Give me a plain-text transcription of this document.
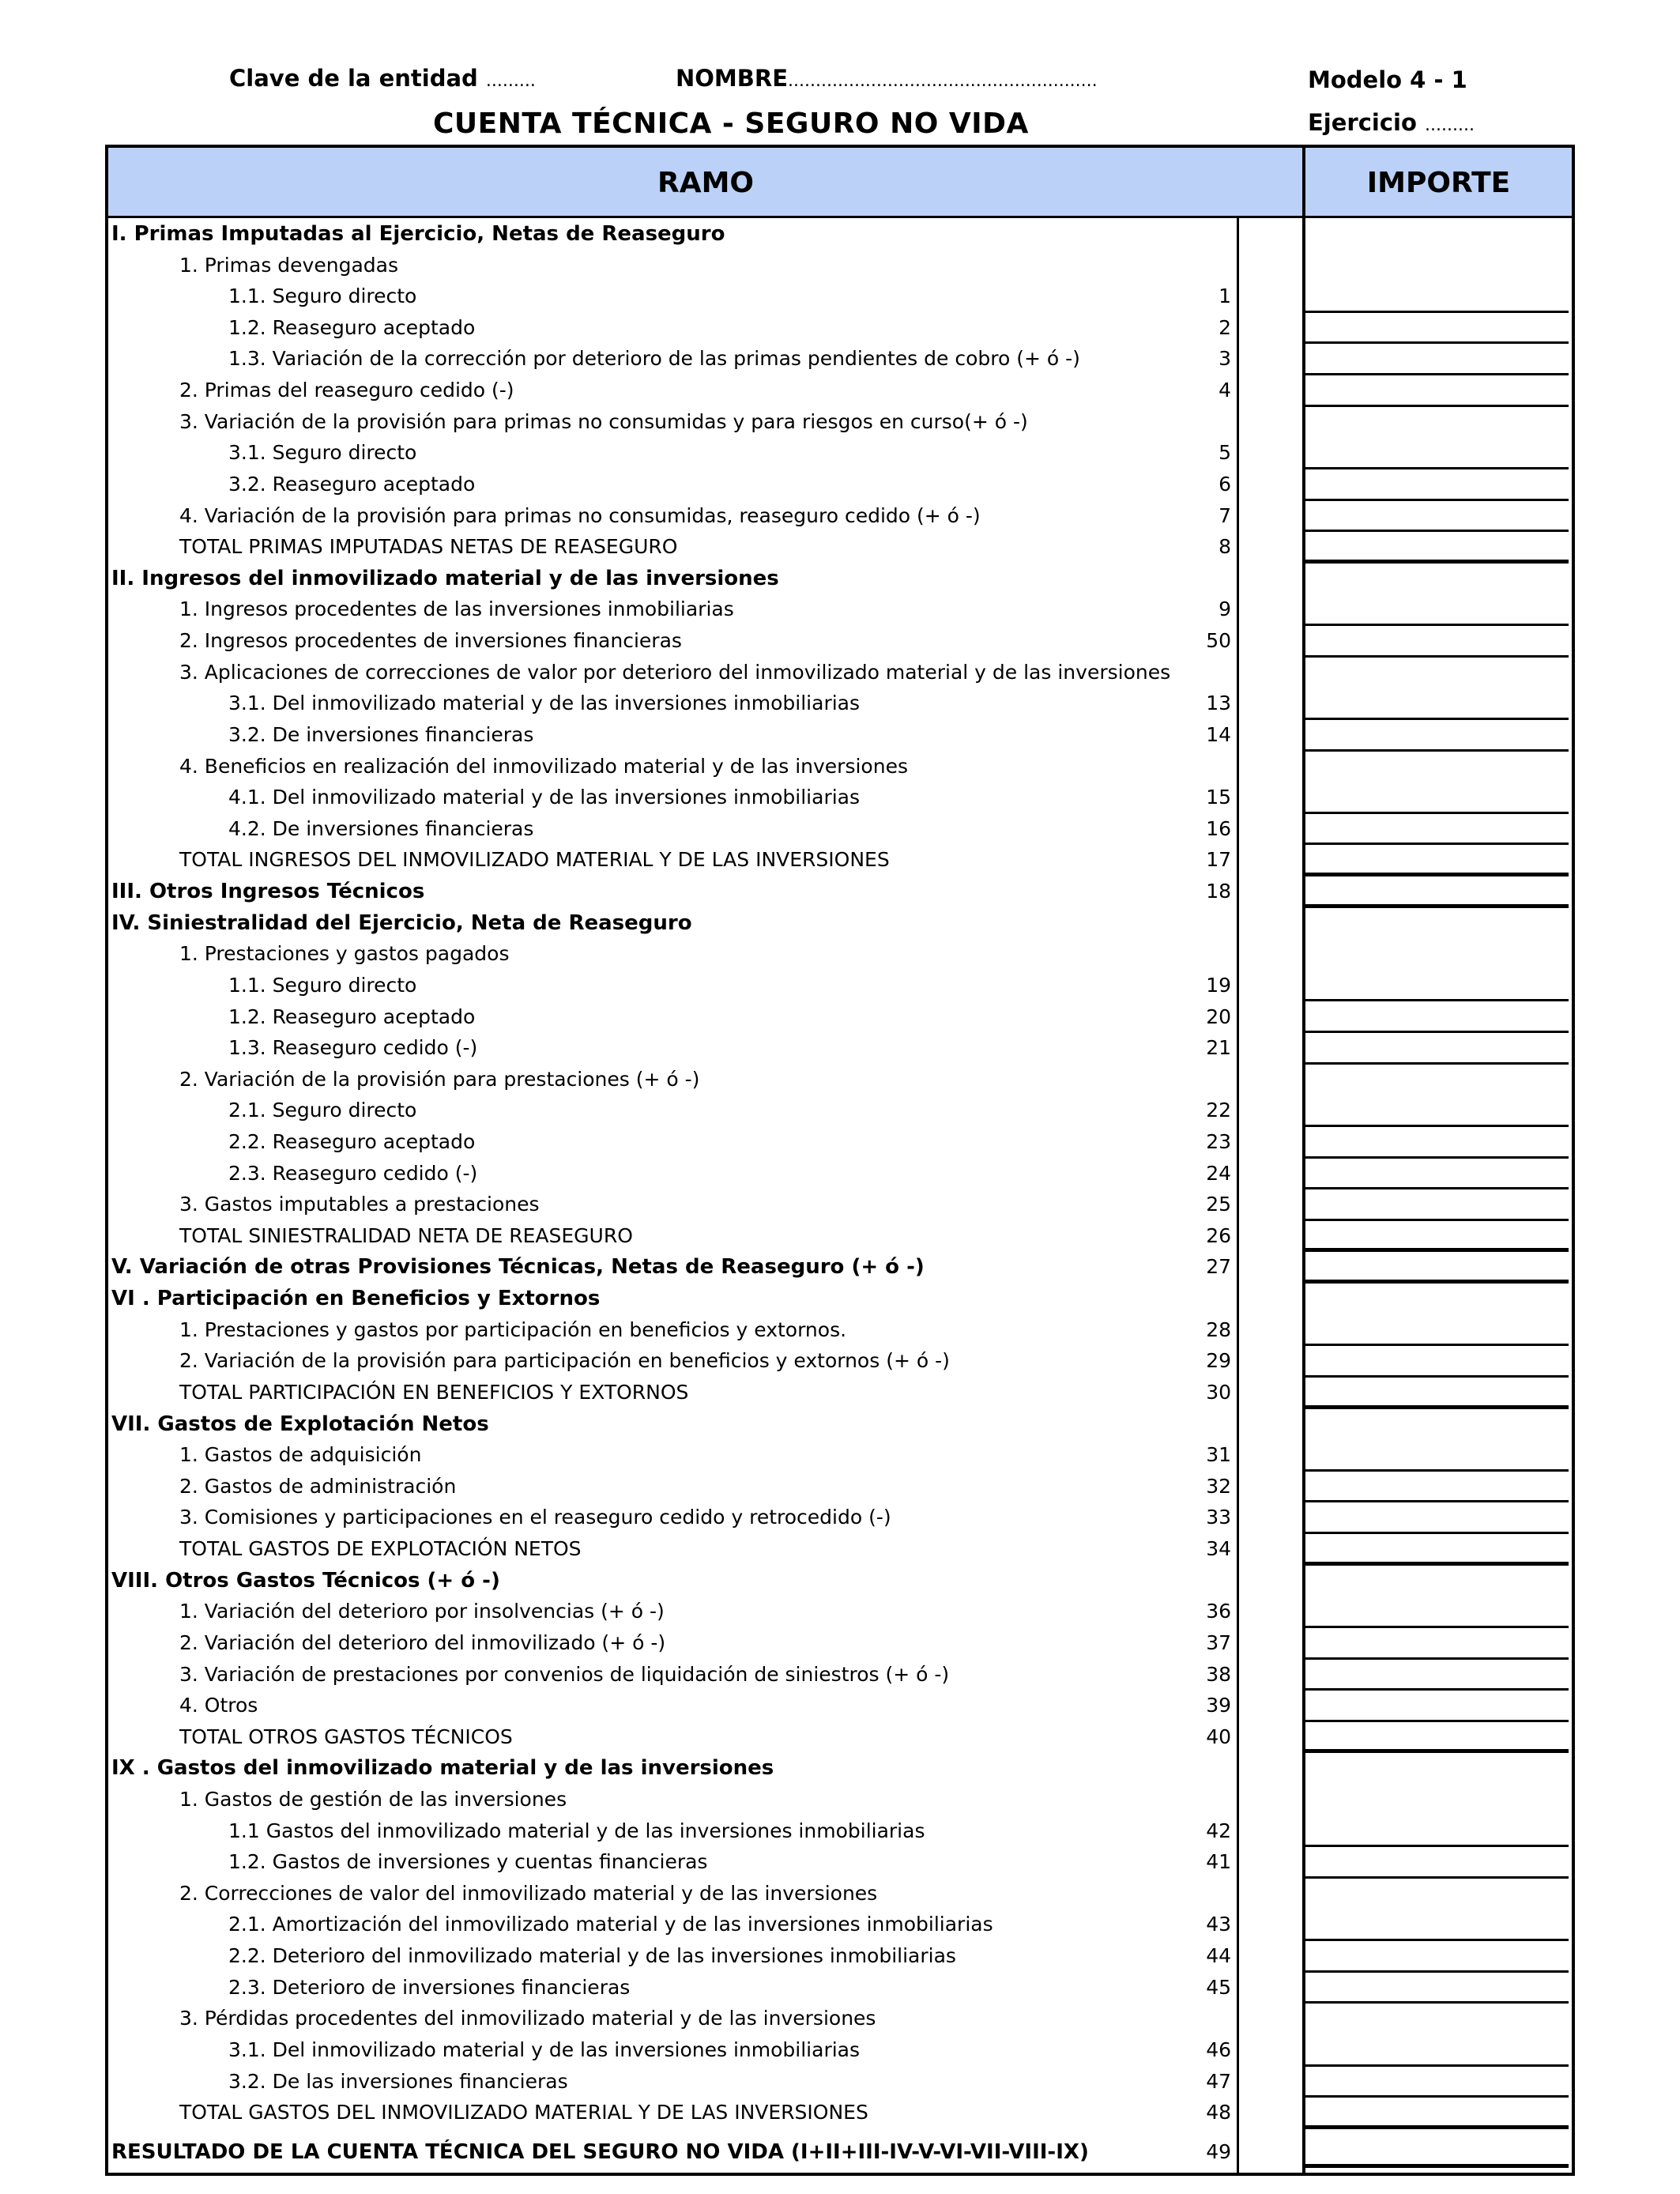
Clave de la entidad .........	NOMBRE........................................................	Modelo 4 - 1
CUENTA TÉCNICA - SEGURO NO VIDA	Ejercicio .........
RAMO	IMPORTE
I. Primas Imputadas al Ejercicio, Netas de Reaseguro
1. Primas devengadas
1.1. Seguro directo	1
1.2. Reaseguro aceptado	2
1.3. Variación de la corrección por deterioro de las primas pendientes de cobro (+ ó -)	3
2. Primas del reaseguro cedido (-)	4
3. Variación de la provisión para primas no consumidas y para riesgos en curso(+ ó -)
3.1. Seguro directo	5
3.2. Reaseguro aceptado	6
4. Variación de la provisión para primas no consumidas, reaseguro cedido (+ ó -)	7
TOTAL PRIMAS IMPUTADAS NETAS DE REASEGURO	8
II. Ingresos del inmovilizado material y de las inversiones
1. Ingresos procedentes de las inversiones inmobiliarias	9
2. Ingresos procedentes de inversiones financieras	50
3. Aplicaciones de correcciones de valor por deterioro del inmovilizado material y de las inversiones
3.1. Del inmovilizado material y de las inversiones inmobiliarias	13
3.2. De inversiones financieras	14
4. Beneficios en realización del inmovilizado material y de las inversiones
4.1. Del inmovilizado material y de las inversiones inmobiliarias	15
4.2. De inversiones financieras	16
TOTAL INGRESOS DEL INMOVILIZADO MATERIAL Y DE LAS INVERSIONES	17
III. Otros Ingresos Técnicos	18
IV. Siniestralidad del Ejercicio, Neta de Reaseguro
1. Prestaciones y gastos pagados
1.1. Seguro directo	19
1.2. Reaseguro aceptado	20
1.3. Reaseguro cedido (-)	21
2. Variación de la provisión para prestaciones (+ ó -)
2.1. Seguro directo	22
2.2. Reaseguro aceptado	23
2.3. Reaseguro cedido (-)	24
3. Gastos imputables a prestaciones	25
TOTAL SINIESTRALIDAD NETA DE REASEGURO	26
V. Variación de otras Provisiones Técnicas, Netas de Reaseguro (+ ó -)	27
VI . Participación en Beneficios y Extornos
1. Prestaciones y gastos por participación en beneficios y extornos.	28
2. Variación de la provisión para participación en beneficios y extornos (+ ó -)	29
TOTAL PARTICIPACIÓN EN BENEFICIOS Y EXTORNOS	30
VII. Gastos de Explotación Netos
1. Gastos de adquisición	31
2. Gastos de administración	32
3. Comisiones y participaciones en el reaseguro cedido y retrocedido (-)	33
TOTAL GASTOS DE EXPLOTACIÓN NETOS	34
VIII. Otros Gastos Técnicos (+ ó -)
1. Variación del deterioro por insolvencias (+ ó -)	36
2. Variación del deterioro del inmovilizado (+ ó -)	37
3. Variación de prestaciones por convenios de liquidación de siniestros (+ ó -)	38
4. Otros	39
TOTAL OTROS GASTOS TÉCNICOS	40
IX . Gastos del inmovilizado material y de las inversiones
1. Gastos de gestión de las inversiones
1.1 Gastos del inmovilizado material y de las inversiones inmobiliarias	42
1.2. Gastos de inversiones y cuentas financieras	41
2. Correcciones de valor del inmovilizado material y de las inversiones
2.1. Amortización del inmovilizado material y de las inversiones inmobiliarias	43
2.2. Deterioro del inmovilizado material y de las inversiones inmobiliarias	44
2.3. Deterioro de inversiones financieras	45
3. Pérdidas procedentes del inmovilizado material y de las inversiones
3.1. Del inmovilizado material y de las inversiones inmobiliarias	46
3.2. De las inversiones financieras	47
TOTAL GASTOS DEL INMOVILIZADO MATERIAL Y DE LAS INVERSIONES	48
RESULTADO DE LA CUENTA TÉCNICA DEL SEGURO NO VIDA (I+II+III-IV-V-VI-VII-VIII-IX)	49
